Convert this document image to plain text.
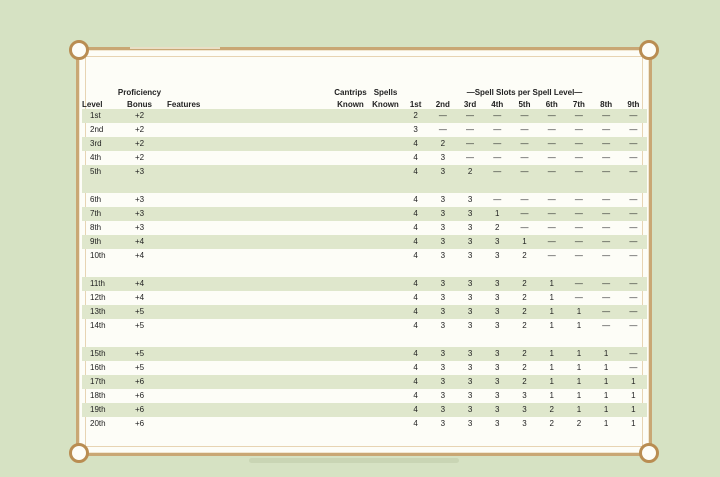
	Proficiency		Cantrips	Spells	—Spell Slots per Spell Level—								
Level	Bonus	Features	Known	Known	1st	2nd	3rd	4th	5th	6th	7th	8th	9th
1st	+2				2	—	—	—	—	—	—	—	—
2nd	+2				3	—	—	—	—	—	—	—	—
3rd	+2				4	2	—	—	—	—	—	—	—
4th	+2				4	3	—	—	—	—	—	—	—
5th	+3				4	3	2	—	—	—	—	—	—
6th	+3				4	3	3	—	—	—	—	—	—
7th	+3				4	3	3	1	—	—	—	—	—
8th	+3				4	3	3	2	—	—	—	—	—
9th	+4				4	3	3	3	1	—	—	—	—
10th	+4				4	3	3	3	2	—	—	—	—
11th	+4				4	3	3	3	2	1	—	—	—
12th	+4				4	3	3	3	2	1	—	—	—
13th	+5				4	3	3	3	2	1	1	—	—
14th	+5				4	3	3	3	2	1	1	—	—
15th	+5				4	3	3	3	2	1	1	1	—
16th	+5				4	3	3	3	2	1	1	1	—
17th	+6				4	3	3	3	2	1	1	1	1
18th	+6				4	3	3	3	3	1	1	1	1
19th	+6				4	3	3	3	3	2	1	1	1
20th	+6				4	3	3	3	3	2	2	1	1
